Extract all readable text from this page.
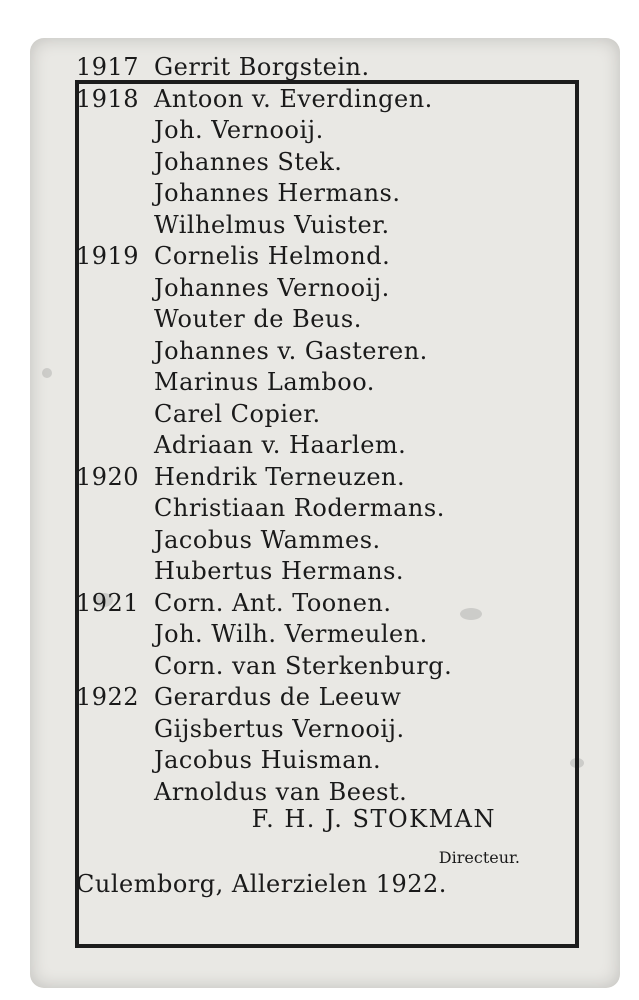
1917 Gerrit Borgstein.
1918 Antoon v. Everdingen.
Joh. Vernooij.
Johannes Stek.
Johannes Hermans.
Wilhelmus Vuister.
1919 Cornelis Helmond.
Johannes Vernooij.
Wouter de Beus.
Johannes v. Gasteren.
Marinus Lamboo.
Carel Copier.
Adriaan v. Haarlem.
1920 Hendrik Terneuzen.
Christiaan Rodermans.
Jacobus Wammes.
Hubertus Hermans.
1921 Corn. Ant. Toonen.
Joh. Wilh. Vermeulen.
Corn. van Sterkenburg.
1922 Gerardus de Leeuw
Gijsbertus Vernooij.
Jacobus Huisman.
Arnoldus van Beest.
F. H. J. STOKMAN
Directeur.
Culemborg, Allerzielen 1922.
